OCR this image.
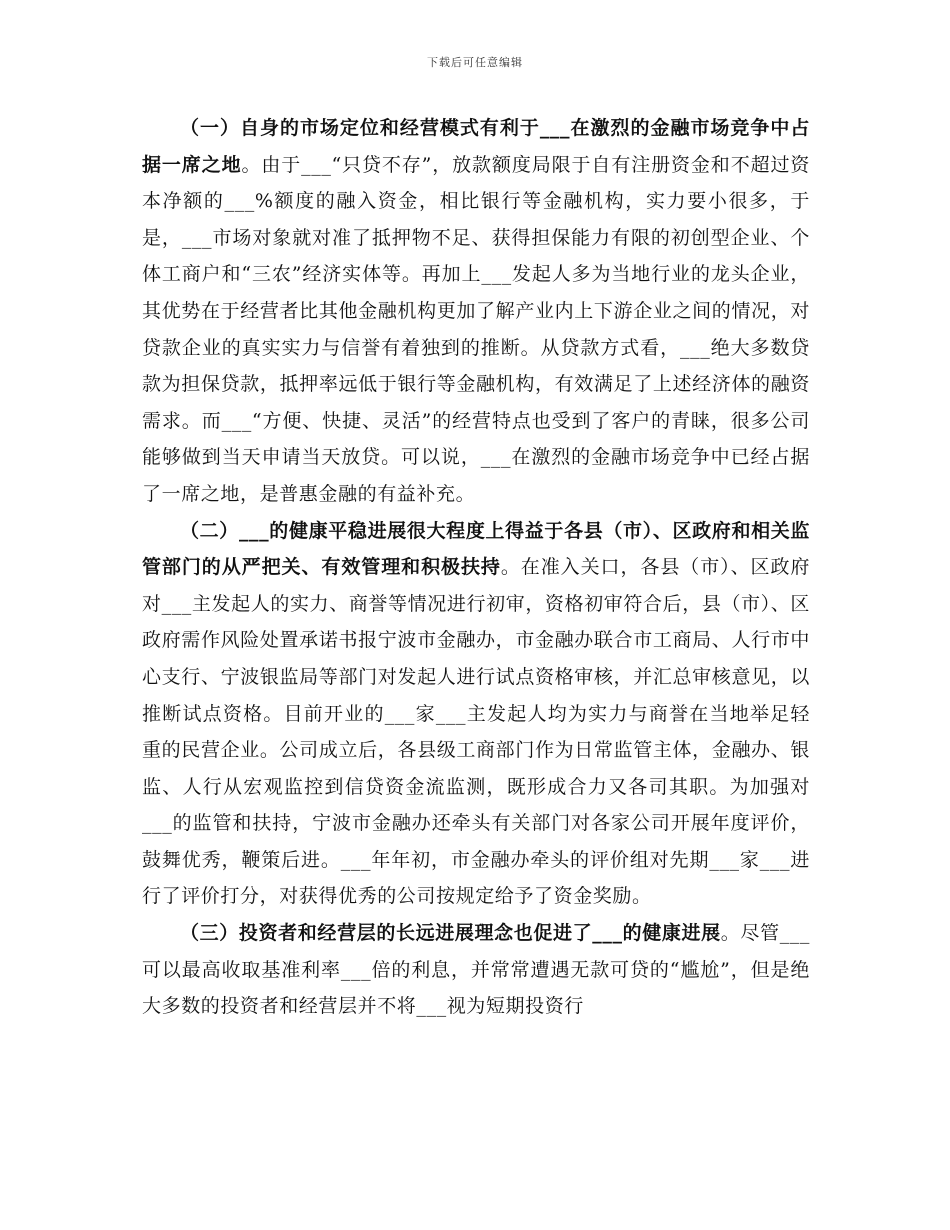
下载后可任意编辑

（一）自身的市场定位和经营模式有利于___在激烈的金融市场竞争中占据一席之地。由于___“只贷不存”，放款额度局限于自有注册资金和不超过资本净额的___%额度的融入资金，相比银行等金融机构，实力要小很多，于是，___市场对象就对准了抵押物不足、获得担保能力有限的初创型企业、个体工商户和“三农”经济实体等。再加上___发起人多为当地行业的龙头企业，其优势在于经营者比其他金融机构更加了解产业内上下游企业之间的情况，对贷款企业的真实实力与信誉有着独到的推断。从贷款方式看，___绝大多数贷款为担保贷款，抵押率远低于银行等金融机构，有效满足了上述经济体的融资需求。而___“方便、快捷、灵活”的经营特点也受到了客户的青睐，很多公司能够做到当天申请当天放贷。可以说，___在激烈的金融市场竞争中已经占据了一席之地，是普惠金融的有益补充。

（二）___的健康平稳进展很大程度上得益于各县（市）、区政府和相关监管部门的从严把关、有效管理和积极扶持。在准入关口，各县（市）、区政府对___主发起人的实力、商誉等情况进行初审，资格初审符合后，县（市）、区政府需作风险处置承诺书报宁波市金融办，市金融办联合市工商局、人行市中心支行、宁波银监局等部门对发起人进行试点资格审核，并汇总审核意见，以推断试点资格。目前开业的___家___主发起人均为实力与商誉在当地举足轻重的民营企业。公司成立后，各县级工商部门作为日常监管主体，金融办、银监、人行从宏观监控到信贷资金流监测，既形成合力又各司其职。为加强对___的监管和扶持，宁波市金融办还牵头有关部门对各家公司开展年度评价，鼓舞优秀，鞭策后进。___年年初，市金融办牵头的评价组对先期___家___进行了评价打分，对获得优秀的公司按规定给予了资金奖励。

（三）投资者和经营层的长远进展理念也促进了___的健康进展。尽管___可以最高收取基准利率___倍的利息，并常常遭遇无款可贷的“尴尬”，但是绝大多数的投资者和经营层并不将___视为短期投资行
